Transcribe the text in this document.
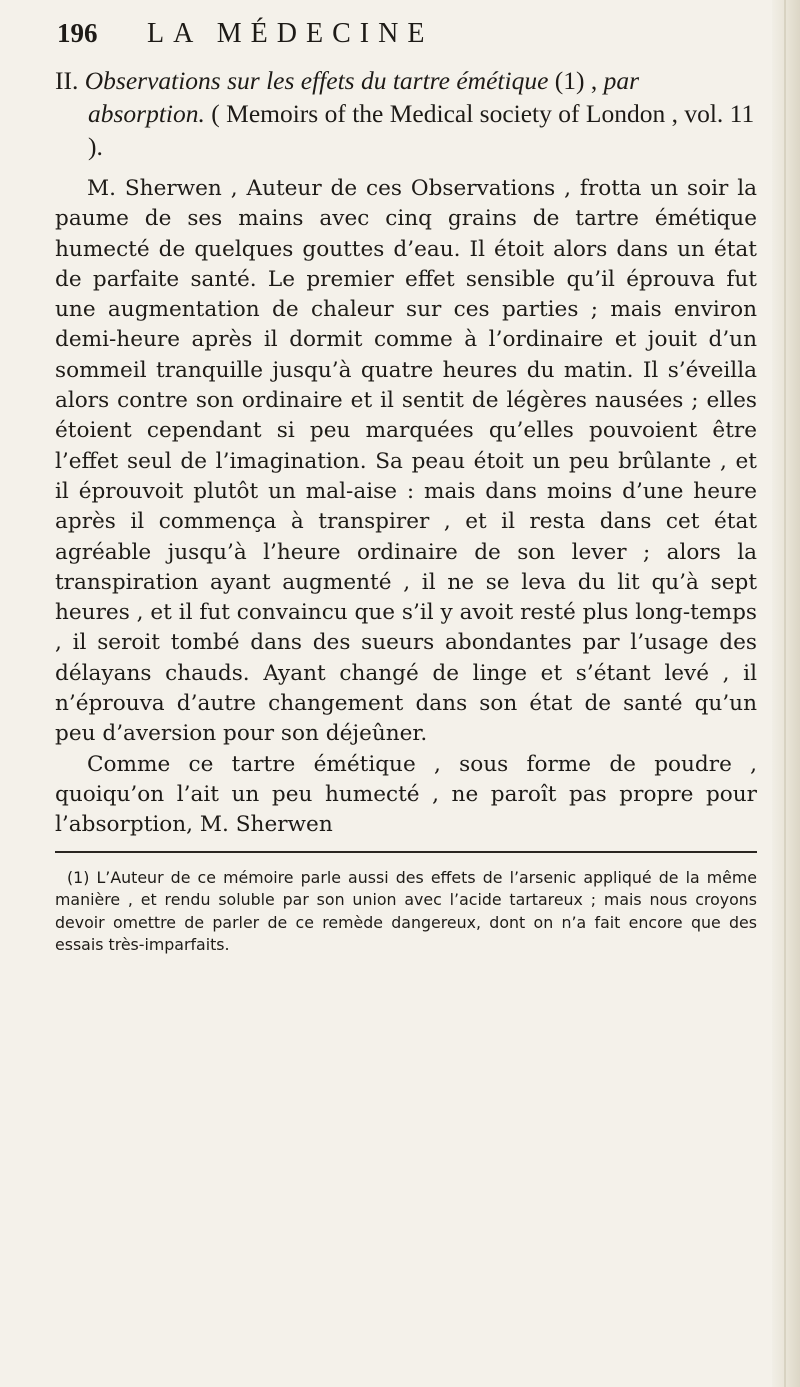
196 LA MÉDECINE

II. Observations sur les effets du tartre émétique (1) , par absorption. ( Memoirs of the Medical society of London , vol. 11 ).

M. Sherwen , Auteur de ces Observations , frotta un soir la paume de ses mains avec cinq grains de tartre émétique humecté de quelques gouttes d’eau. Il étoit alors dans un état de parfaite santé. Le premier effet sensible qu’il éprouva fut une augmentation de chaleur sur ces parties ; mais environ demi-heure après il dormit comme à l’ordinaire et jouit d’un sommeil tranquille jusqu’à quatre heures du matin. Il s’éveilla alors contre son ordinaire et il sentit de légères nausées ; elles étoient cependant si peu marquées qu’elles pouvoient être l’effet seul de l’imagination. Sa peau étoit un peu brûlante , et il éprouvoit plutôt un mal-aise : mais dans moins d’une heure après il commença à transpirer , et il resta dans cet état agréable jusqu’à l’heure ordinaire de son lever ; alors la transpiration ayant augmenté , il ne se leva du lit qu’à sept heures , et il fut convaincu que s’il y avoit resté plus long-temps , il seroit tombé dans des sueurs abondantes par l’usage des délayans chauds. Ayant changé de linge et s’étant levé , il n’éprouva d’autre changement dans son état de santé qu’un peu d’aversion pour son déjeûner.

Comme ce tartre émétique , sous forme de poudre , quoiqu’on l’ait un peu humecté , ne paroît pas propre pour l’absorption, M. Sherwen

(1) L’Auteur de ce mémoire parle aussi des effets de l’arsenic appliqué de la même manière , et rendu soluble par son union avec l’acide tartareux ; mais nous croyons devoir omettre de parler de ce remède dangereux, dont on n’a fait encore que des essais très-imparfaits.
